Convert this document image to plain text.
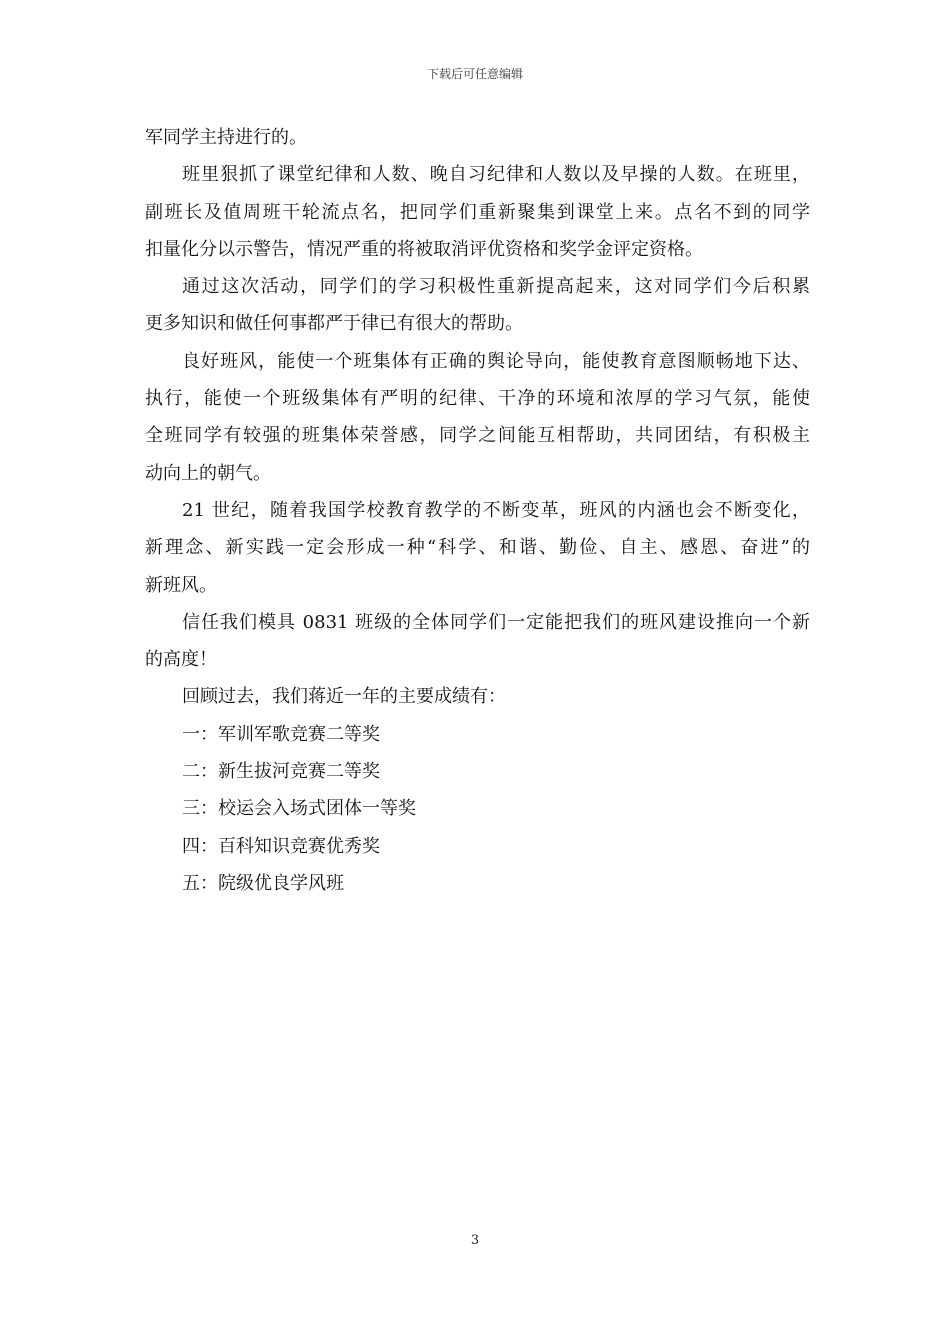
下载后可任意编辑
军同学主持进行的。
班里狠抓了课堂纪律和人数、晚自习纪律和人数以及早操的人数。在班里，
副班长及值周班干轮流点名，把同学们重新聚集到课堂上来。点名不到的同学
扣量化分以示警告，情况严重的将被取消评优资格和奖学金评定资格。
通过这次活动，同学们的学习积极性重新提高起来，这对同学们今后积累
更多知识和做任何事都严于律已有很大的帮助。
良好班风，能使一个班集体有正确的舆论导向，能使教育意图顺畅地下达、
执行，能使一个班级集体有严明的纪律、干净的环境和浓厚的学习气氛，能使
全班同学有较强的班集体荣誉感，同学之间能互相帮助，共同团结，有积极主
动向上的朝气。
21 世纪，随着我国学校教育教学的不断变革，班风的内涵也会不断变化，
新理念、新实践一定会形成一种“科学、和谐、勤俭、自主、感恩、奋进”的
新班风。
信任我们模具 0831 班级的全体同学们一定能把我们的班风建设推向一个新
的高度！
回顾过去，我们蒋近一年的主要成绩有：
一：军训军歌竞赛二等奖
二：新生拔河竞赛二等奖
三：校运会入场式团体一等奖
四：百科知识竞赛优秀奖
五：院级优良学风班
3
